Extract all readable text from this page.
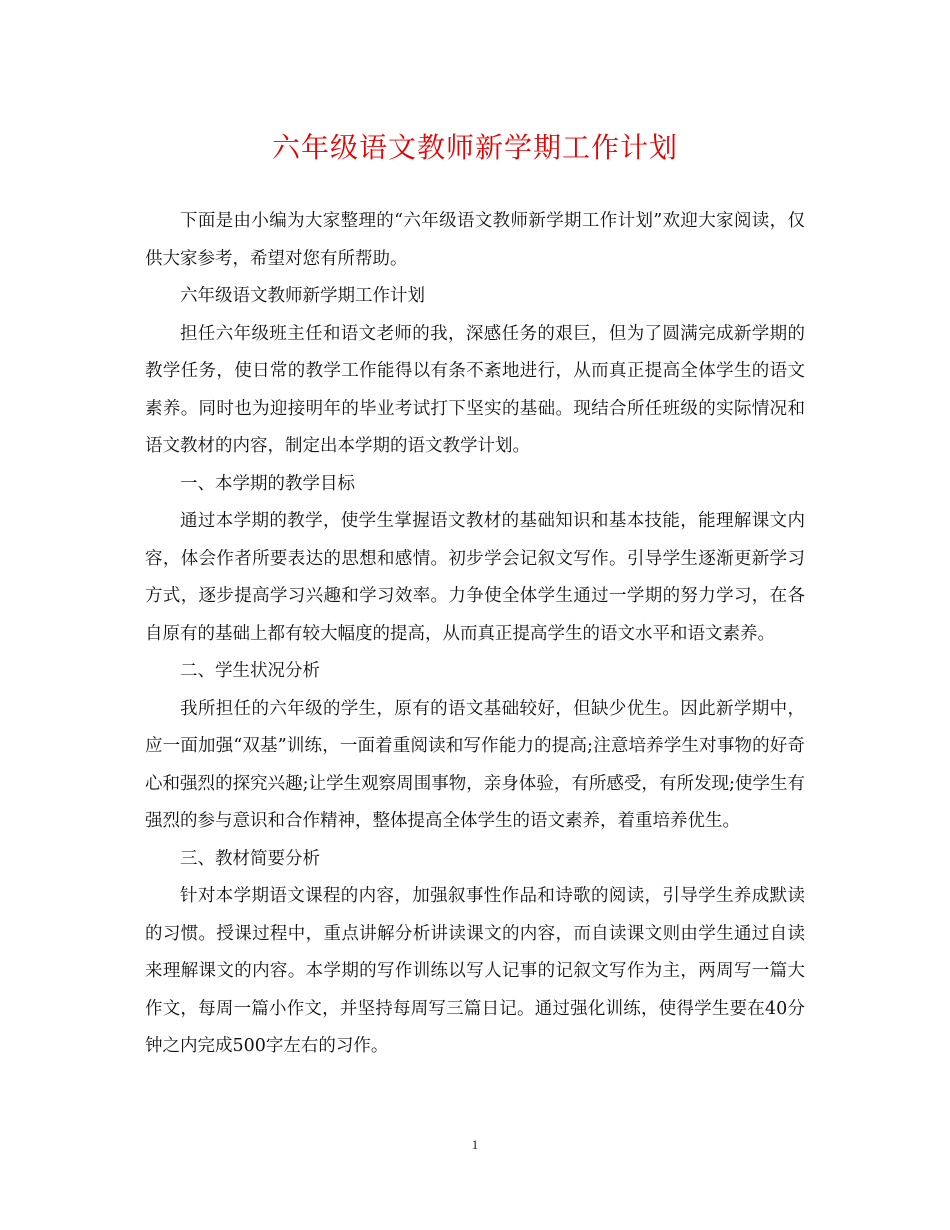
六年级语文教师新学期工作计划

下面是由小编为大家整理的“六年级语文教师新学期工作计划”欢迎大家阅读，仅供大家参考，希望对您有所帮助。

六年级语文教师新学期工作计划

担任六年级班主任和语文老师的我，深感任务的艰巨，但为了圆满完成新学期的教学任务，使日常的教学工作能得以有条不紊地进行，从而真正提高全体学生的语文素养。同时也为迎接明年的毕业考试打下坚实的基础。现结合所任班级的实际情况和语文教材的内容，制定出本学期的语文教学计划。

一、本学期的教学目标

通过本学期的教学，使学生掌握语文教材的基础知识和基本技能，能理解课文内容，体会作者所要表达的思想和感情。初步学会记叙文写作。引导学生逐渐更新学习方式，逐步提高学习兴趣和学习效率。力争使全体学生通过一学期的努力学习，在各自原有的基础上都有较大幅度的提高，从而真正提高学生的语文水平和语文素养。

二、学生状况分析

我所担任的六年级的学生，原有的语文基础较好，但缺少优生。因此新学期中，应一面加强“双基”训练，一面着重阅读和写作能力的提高;注意培养学生对事物的好奇心和强烈的探究兴趣;让学生观察周围事物，亲身体验，有所感受，有所发现;使学生有强烈的参与意识和合作精神，整体提高全体学生的语文素养，着重培养优生。

三、教材简要分析

针对本学期语文课程的内容，加强叙事性作品和诗歌的阅读，引导学生养成默读的习惯。授课过程中，重点讲解分析讲读课文的内容，而自读课文则由学生通过自读来理解课文的内容。本学期的写作训练以写人记事的记叙文写作为主，两周写一篇大作文，每周一篇小作文，并坚持每周写三篇日记。通过强化训练，使得学生要在40分钟之内完成500字左右的习作。

1
